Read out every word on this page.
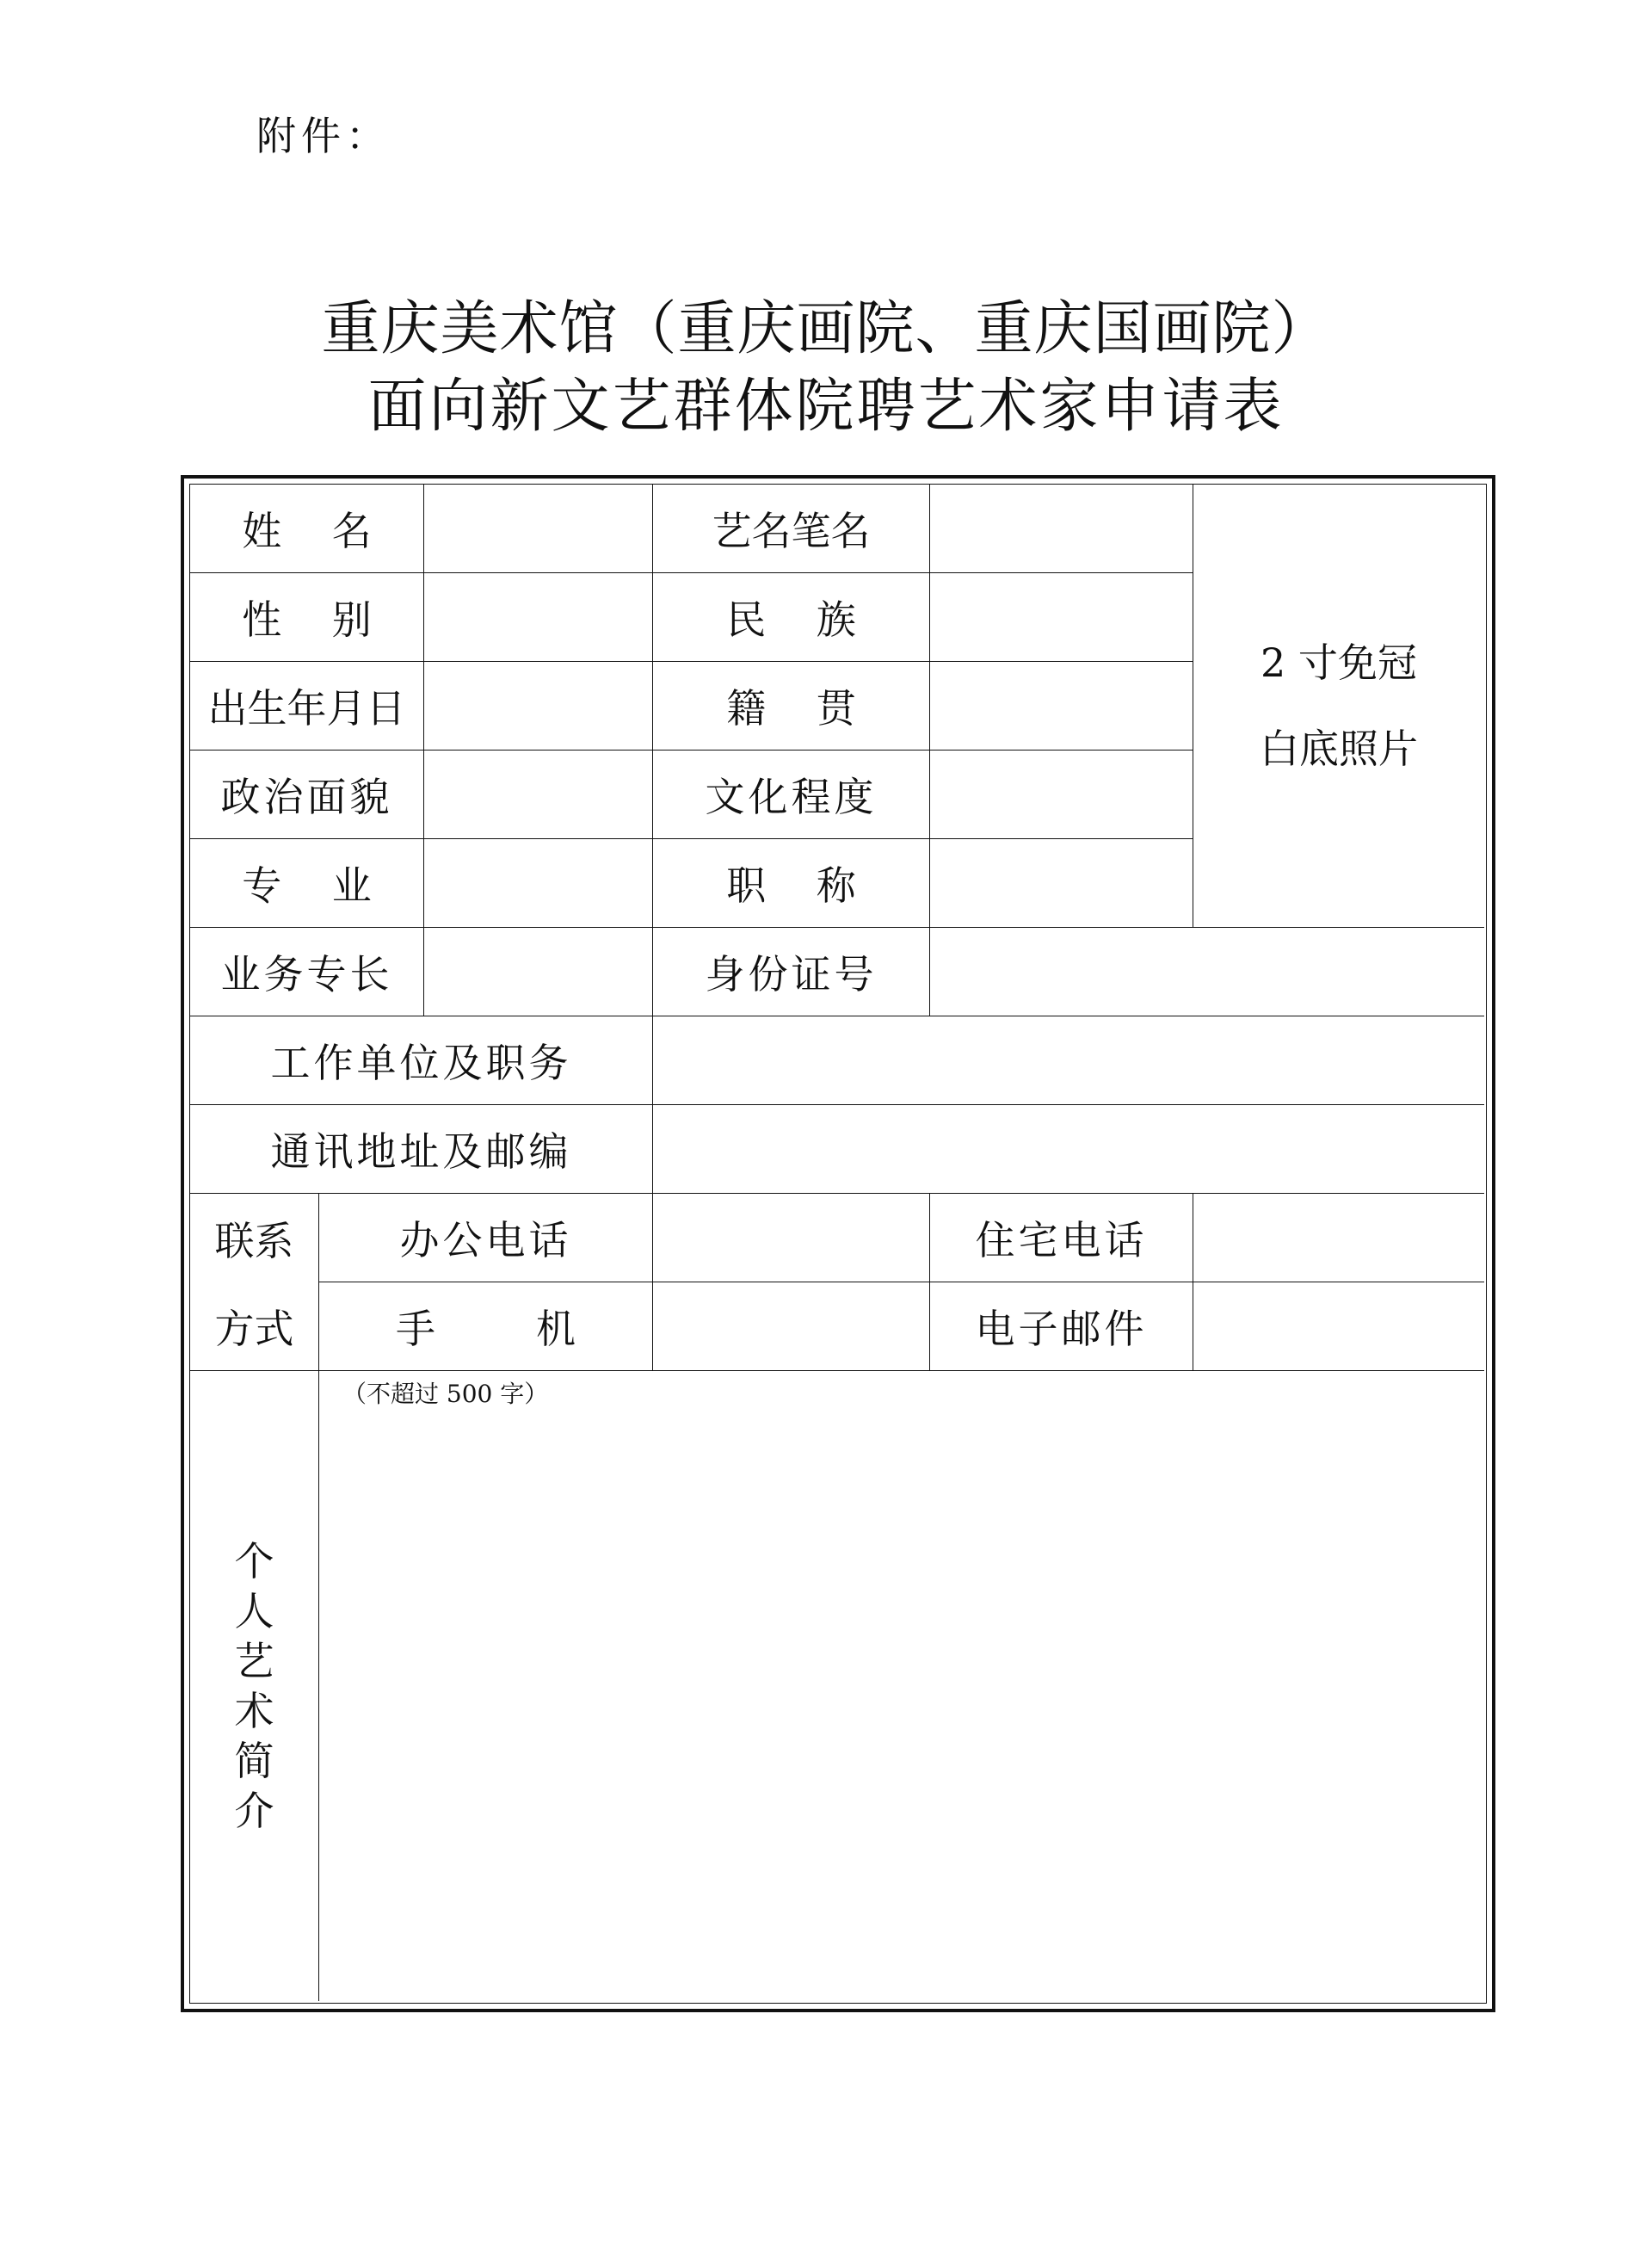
附件：
重庆美术馆（重庆画院、重庆国画院）
面向新文艺群体院聘艺术家申请表
姓    名	艺名笔名
2 寸免冠
白底照片
性    别	民    族
出生年月日	籍    贯
政治面貌	文化程度
专    业	职    称
业务专长	身份证号
工作单位及职务
通讯地址及邮编
联系
方式
办公电话	住宅电话
手        机	电子邮件
个
人
艺
术
简
介
（不超过 500 字）
